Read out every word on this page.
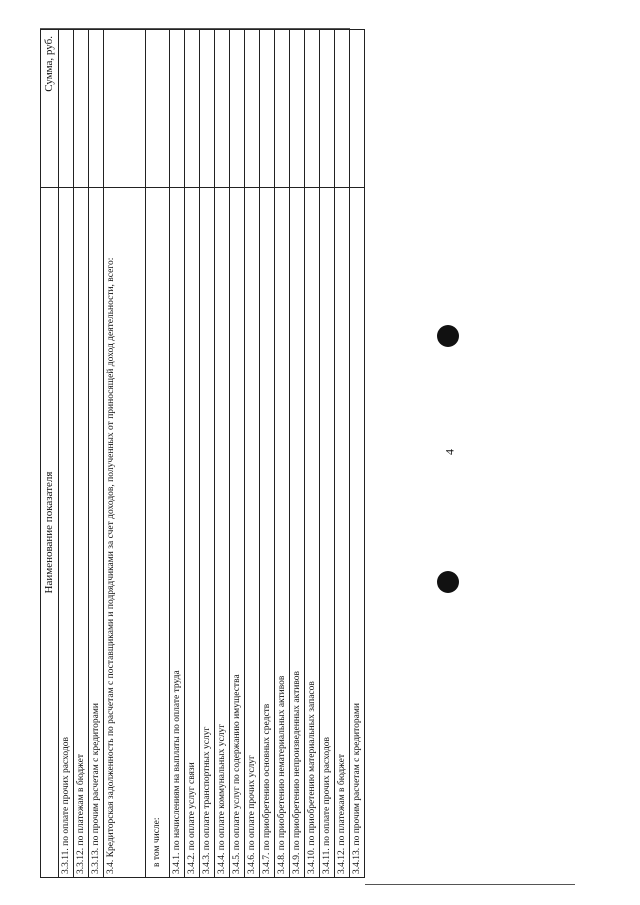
4
Наименование показателя	Сумма, руб.
3.3.11. по оплате прочих расходов	
3.3.12. по платежам в бюджет	
3.3.13. по прочим расчетам с кредиторами	
3.4. Кредиторская задолженность по расчетам с поставщиками и подрядчиками за счет доходов, полученных от приносящей доход деятельности, всего:	
в том числе:	
3.4.1. по начислениям на выплаты по оплате труда	
3.4.2. по оплате услуг связи	
3.4.3. по оплате транспортных услуг	
3.4.4. по оплате коммунальных услуг	
3.4.5. по оплате услуг по содержанию имущества	
3.4.6. по оплате прочих услуг	
3.4.7. по приобретению основных средств	
3.4.8. по приобретению нематериальных активов	
3.4.9. по приобретению непроизведенных активов	
3.4.10. по приобретению материальных запасов	
3.4.11. по оплате прочих расходов	
3.4.12. по платежам в бюджет	
3.4.13. по прочим расчетам с кредиторами	
